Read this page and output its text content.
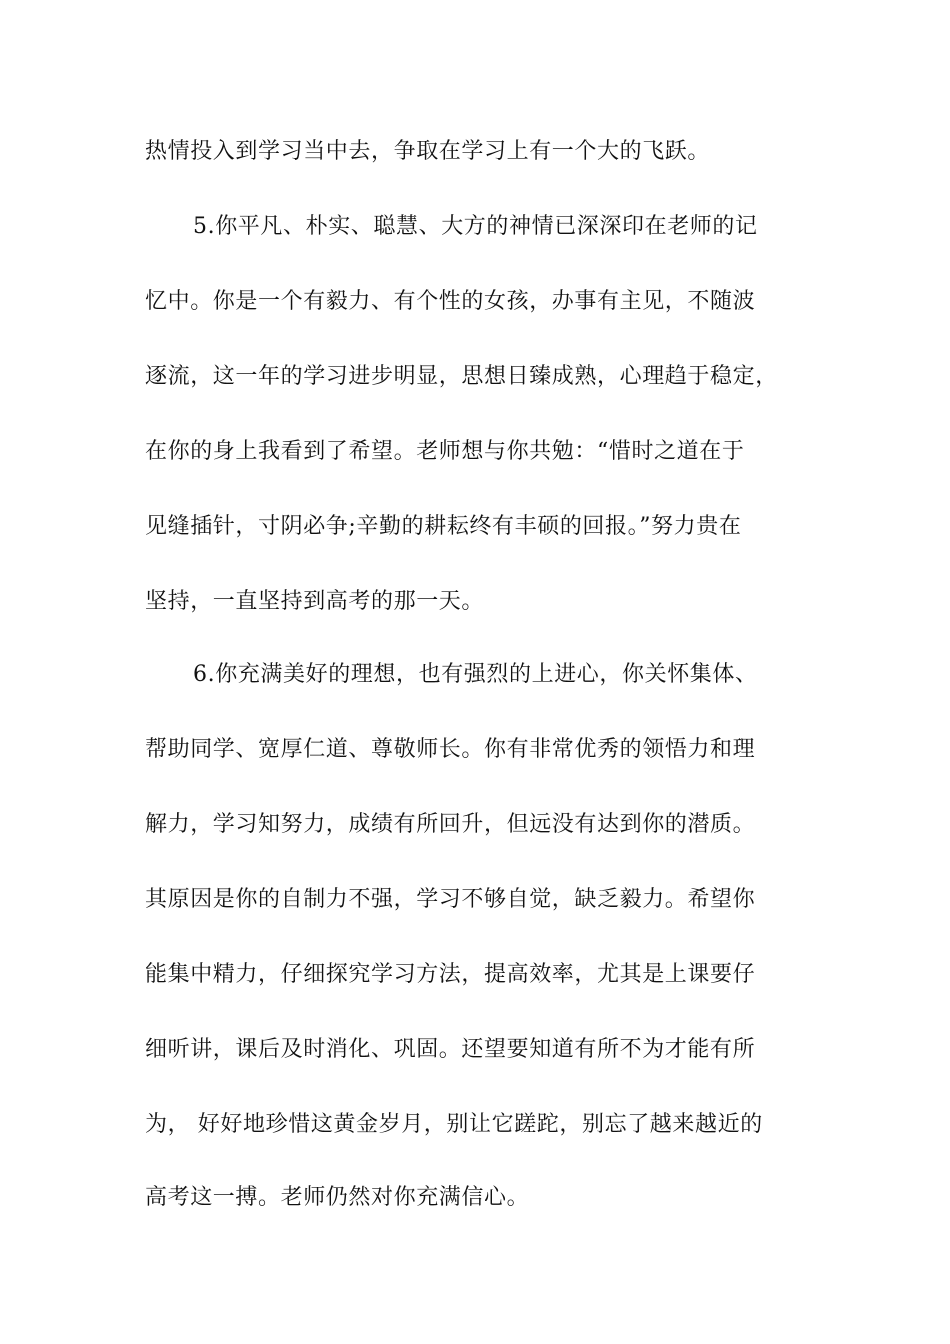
热情投入到学习当中去，争取在学习上有一个大的飞跃。
5.你平凡、朴实、聪慧、大方的神情已深深印在老师的记
忆中。你是一个有毅力、有个性的女孩，办事有主见，不随波
逐流，这一年的学习进步明显，思想日臻成熟，心理趋于稳定，
在你的身上我看到了希望。老师想与你共勉：“惜时之道在于
见缝插针，寸阴必争;辛勤的耕耘终有丰硕的回报。”努力贵在
坚持，一直坚持到高考的那一天。
6.你充满美好的理想，也有强烈的上进心，你关怀集体、
帮助同学、宽厚仁道、尊敬师长。你有非常优秀的领悟力和理
解力，学习知努力，成绩有所回升，但远没有达到你的潜质。
其原因是你的自制力不强，学习不够自觉，缺乏毅力。希望你
能集中精力，仔细探究学习方法，提高效率，尤其是上课要仔
细听讲，课后及时消化、巩固。还望要知道有所不为才能有所
为， 好好地珍惜这黄金岁月，别让它蹉跎，别忘了越来越近的
高考这一搏。老师仍然对你充满信心。
